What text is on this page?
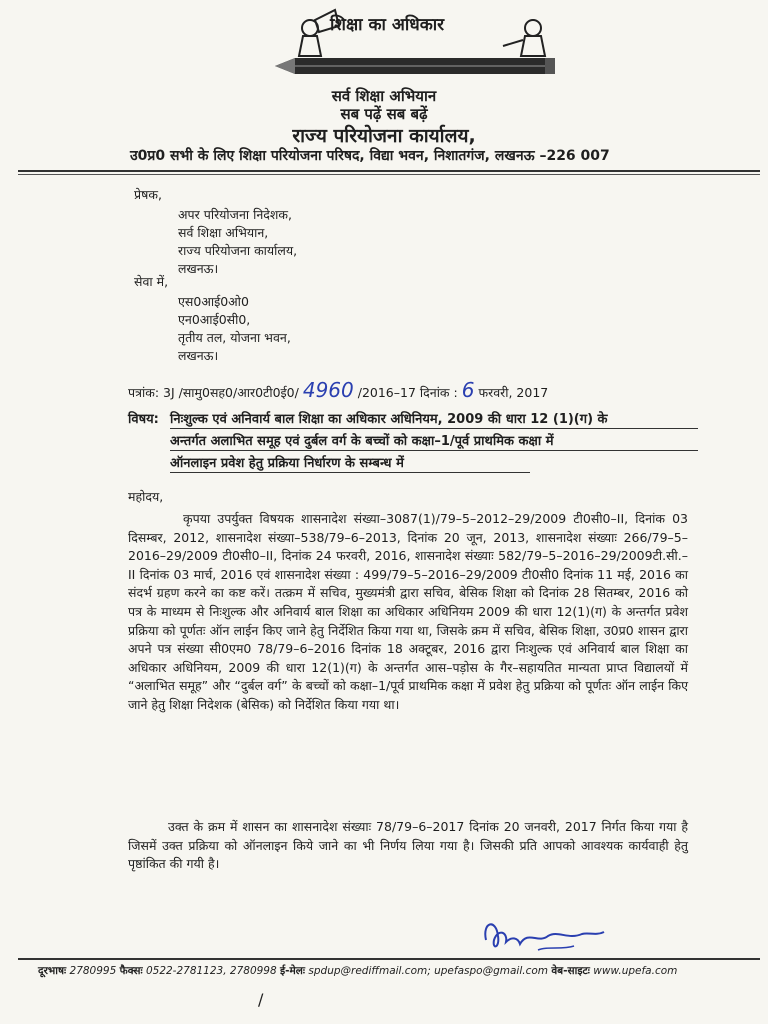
शिक्षा का अधिकार
सर्व शिक्षा अभियान
सब पढ़ें सब बढ़ें
राज्य परियोजना कार्यालय,
उ0प्र0 सभी के लिए शिक्षा परियोजना परिषद, विद्या भवन, निशातगंज, लखनऊ –226 007
प्रेषक,
अपर परियोजना निदेशक,
सर्व शिक्षा अभियान,
राज्य परियोजना कार्यालय,
लखनऊ।
सेवा में,
एस0आई0ओ0
एन0आई0सी0,
तृतीय तल, योजना भवन,
लखनऊ।
पत्रांक: 3J /सामु0सह0/आर0टी0ई0/ 4960 /2016–17 दिनांक : 6 फरवरी, 2017
विषय: निःशुल्क एवं अनिवार्य बाल शिक्षा का अधिकार अधिनियम, 2009 की धारा 12 (1)(ग) के
अन्तर्गत अलाभित समूह एवं दुर्बल वर्ग के बच्चों को कक्षा–1/पूर्व प्राथमिक कक्षा में
ऑनलाइन प्रवेश हेतु प्रक्रिया निर्धारण के सम्बन्ध में
महोदय,
कृपया उपर्युक्त विषयक शासनादेश संख्या–3087(1)/79–5–2012–29/2009 टी0सी0–II, दिनांक 03 दिसम्बर, 2012, शासनादेश संख्या–538/79–6–2013, दिनांक 20 जून, 2013, शासनादेश संख्याः 266/79–5–2016–29/2009 टी0सी0–II, दिनांक 24 फरवरी, 2016, शासनादेश संख्याः 582/79–5–2016–29/2009टी.सी.–II दिनांक 03 मार्च, 2016 एवं शासनादेश संख्या : 499/79–5–2016–29/2009 टी0सी0 दिनांक 11 मई, 2016 का संदर्भ ग्रहण करने का कष्ट करें। तत्क्रम में सचिव, मुख्यमंत्री द्वारा सचिव, बेसिक शिक्षा को दिनांक 28 सितम्बर, 2016 को पत्र के माध्यम से निःशुल्क और अनिवार्य बाल शिक्षा का अधिकार अधिनियम 2009 की धारा 12(1)(ग) के अन्तर्गत प्रवेश प्रक्रिया को पूर्णतः ऑन लाईन किए जाने हेतु निर्देशित किया गया था, जिसके क्रम में सचिव, बेसिक शिक्षा, उ0प्र0 शासन द्वारा अपने पत्र संख्या सी0एम0 78/79–6–2016 दिनांक 18 अक्टूबर, 2016 द्वारा निःशुल्क एवं अनिवार्य बाल शिक्षा का अधिकार अधिनियम, 2009 की धारा 12(1)(ग) के अन्तर्गत आस–पड़ोस के गैर–सहायतित मान्यता प्राप्त विद्यालयों में “अलाभित समूह” और “दुर्बल वर्ग” के बच्चों को कक्षा–1/पूर्व प्राथमिक कक्षा में प्रवेश हेतु प्रक्रिया को पूर्णतः ऑन लाईन किए जाने हेतु शिक्षा निदेशक (बेसिक) को निर्देशित किया गया था।
उक्त के क्रम में शासन का शासनादेश संख्याः 78/79–6–2017 दिनांक 20 जनवरी, 2017 निर्गत किया गया है जिसमें उक्त प्रक्रिया को ऑनलाइन किये जाने का भी निर्णय लिया गया है। जिसकी प्रति आपको आवश्यक कार्यवाही हेतु पृष्ठांकित की गयी है।
दूरभाषः 2780995 फैक्सः 0522-2781123, 2780998 ई-मेलः spdup@rediffmail.com; upefaspo@gmail.com वेब-साइटः www.upefa.com
/
